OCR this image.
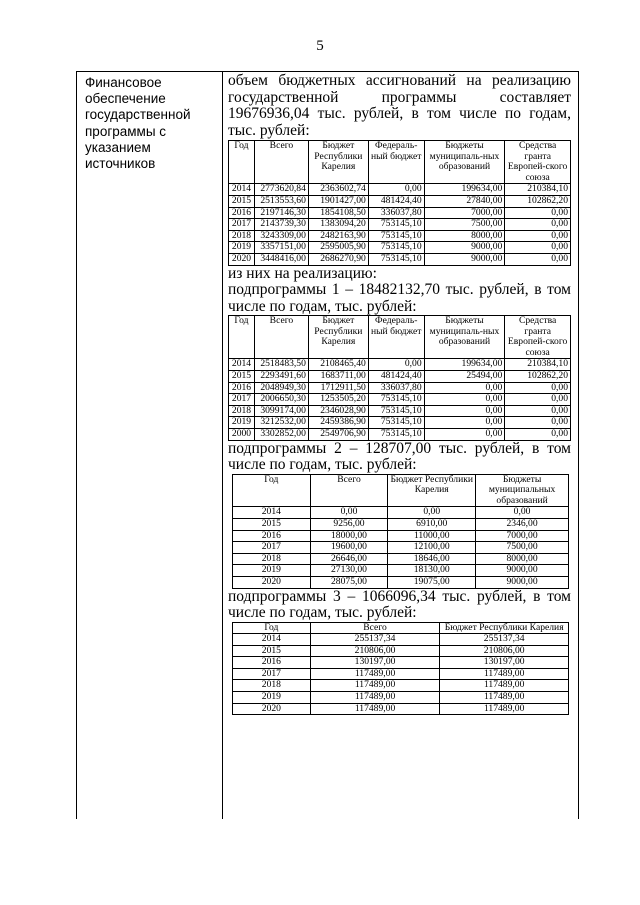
5
Финансовое обеспечение государственной программы с указанием источников
объем бюджетных ассигнований на реализацию государственной программы составляет 19676936,04 тыс. рублей, в том числе по годам, тыс. рублей:
Год	Всего	Бюджет Республики Карелия	Федераль-ный бюджет	Бюджеты муниципаль-ных образований	Средства гранта Европей-ского союза
2014	2773620,84	2363602,74	0,00	199634,00	210384,10
2015	2513553,60	1901427,00	481424,40	27840,00	102862,20
2016	2197146,30	1854108,50	336037,80	7000,00	0,00
2017	2143739,30	1383094,20	753145,10	7500,00	0,00
2018	3243309,00	2482163,90	753145,10	8000,00	0,00
2019	3357151,00	2595005,90	753145,10	9000,00	0,00
2020	3448416,00	2686270,90	753145,10	9000,00	0,00
из них на реализацию:
подпрограммы 1 – 18482132,70 тыс. рублей, в том числе по годам, тыс. рублей:
Год	Всего	Бюджет Республики Карелия	Федераль-ный бюджет	Бюджеты муниципаль-ных образований	Средства гранта Европей-ского союза
2014	2518483,50	2108465,40	0,00	199634,00	210384,10
2015	2293491,60	1683711,00	481424,40	25494,00	102862,20
2016	2048949,30	1712911,50	336037,80	0,00	0,00
2017	2006650,30	1253505,20	753145,10	0,00	0,00
2018	3099174,00	2346028,90	753145,10	0,00	0,00
2019	3212532,00	2459386,90	753145,10	0,00	0,00
2000	3302852,00	2549706,90	753145,10	0,00	0,00
подпрограммы 2 – 128707,00 тыс. рублей, в том числе по годам, тыс. рублей:
Год	Всего	Бюджет Республики Карелия	Бюджеты муниципальных образований
2014	0,00	0,00	0,00
2015	9256,00	6910,00	2346,00
2016	18000,00	11000,00	7000,00
2017	19600,00	12100,00	7500,00
2018	26646,00	18646,00	8000,00
2019	27130,00	18130,00	9000,00
2020	28075,00	19075,00	9000,00
подпрограммы 3 – 1066096,34 тыс. рублей, в том числе по годам, тыс. рублей:
Год	Всего	Бюджет Республики Карелия
2014	255137,34	255137,34
2015	210806,00	210806,00
2016	130197,00	130197,00
2017	117489,00	117489,00
2018	117489,00	117489,00
2019	117489,00	117489,00
2020	117489,00	117489,00
